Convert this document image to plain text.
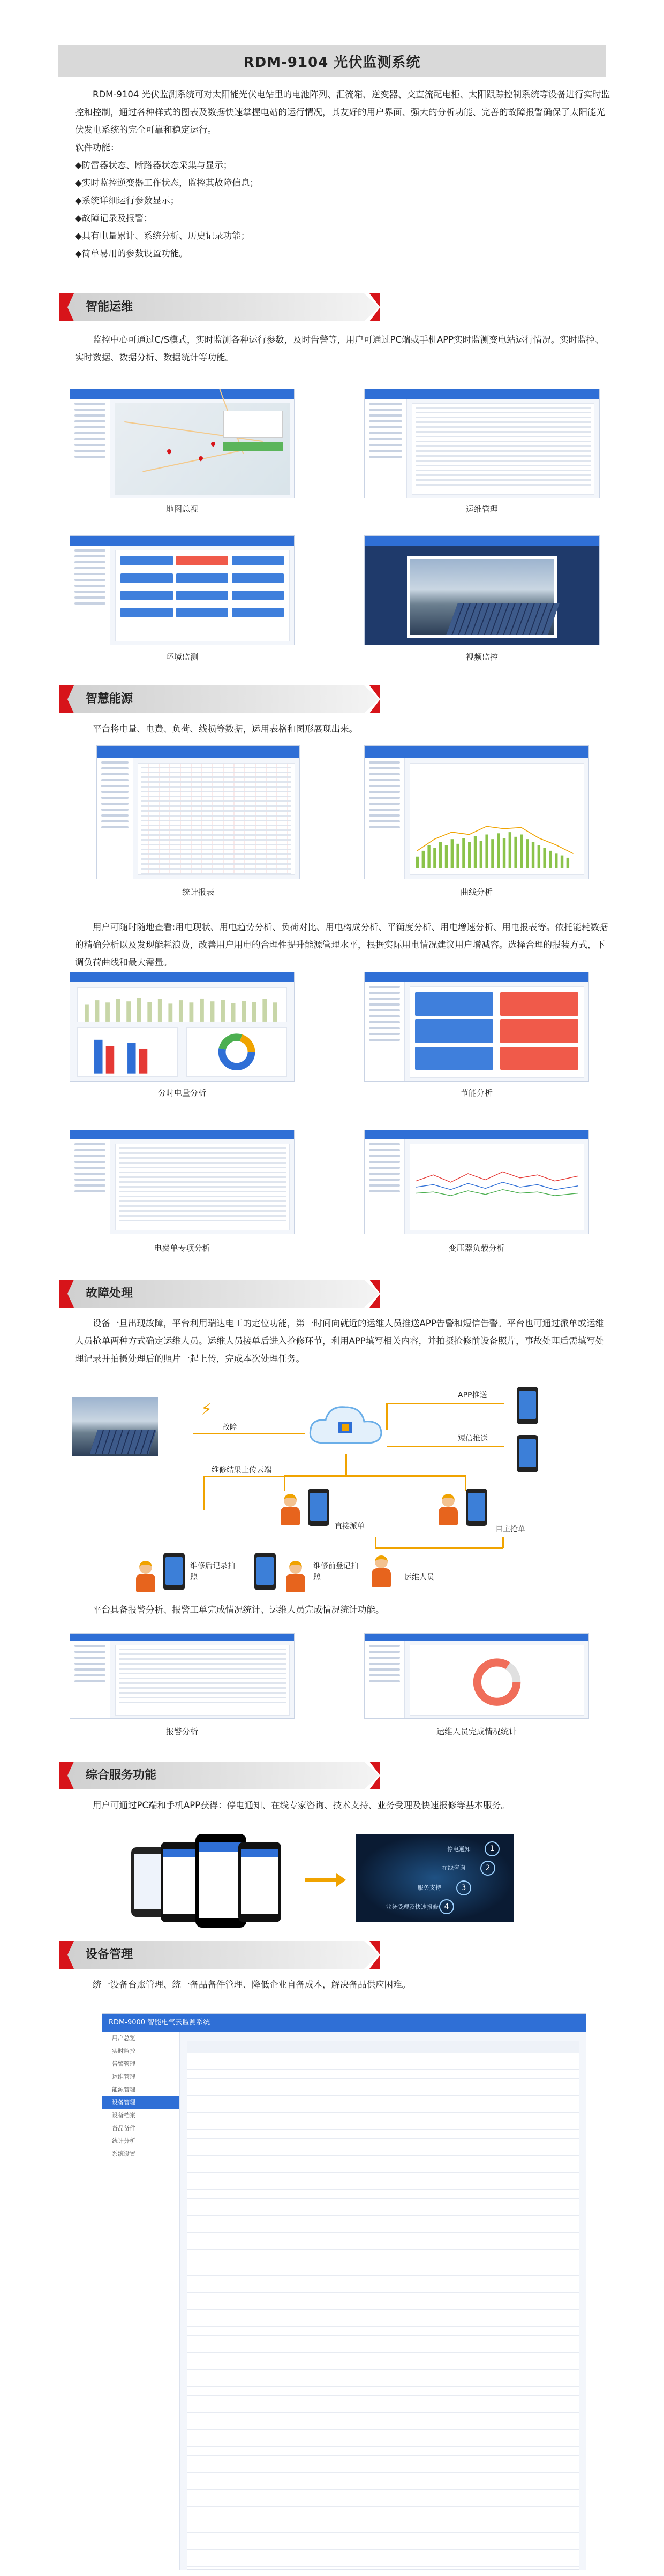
RDM-9104 光伏监测系统

RDM-9104 光伏监测系统可对太阳能光伏电站里的电池阵列、汇流箱、逆变器、交直流配电柜、太阳跟踪控制系统等设备进行实时监控和控制，通过各种样式的图表及数据快速掌握电站的运行情况，其友好的用户界面、强大的分析功能、完善的故障报警确保了太阳能光伏发电系统的完全可靠和稳定运行。

软件功能：

◆防雷器状态、断路器状态采集与显示；

◆实时监控逆变器工作状态，监控其故障信息；

◆系统详细运行参数显示；

◆故障记录及报警；

◆具有电量累计、系统分析、历史记录功能；

◆简单易用的参数设置功能。

智能运维

监控中心可通过C/S模式，实时监测各种运行参数，及时告警等，用户可通过PC端或手机APP实时监测变电站运行情况。实时监控、实时数据、数据分析、数据统计等功能。

地图总视	运维管理
环境监测	视频监控
智慧能源

平台将电量、电费、负荷、线损等数据，运用表格和图形展现出来。

统计报表	曲线分析

用户可随时随地查看:用电现状、用电趋势分析、负荷对比、用电构成分析、平衡度分析、用电增速分析、用电报表等。依托能耗数据的精确分析以及发现能耗浪费，改善用户用电的合理性提升能源管理水平，根据实际用电情况建议用户增减容。选择合理的报装方式，下调负荷曲线和最大需量。

分时电量分析	节能分析
电费单专项分析	变压器负载分析
故障处理

设备一旦出现故障，平台利用瑞达电工的定位功能，第一时间向就近的运维人员推送APP告警和短信告警。平台也可通过派单或运维人员抢单两种方式确定运维人员。运维人员接单后进入抢修环节，利用APP填写相关内容，并拍摄抢修前设备照片，事故处理后需填写处理记录并拍摄处理后的照片一起上传，完成本次处理任务。

⚡
故障
APP推送
短信推送
维修结果上传云端
直接派单	自主抢单
维修后记录拍照
维修前登记拍照	运维人员

平台具备报警分析、报警工单完成情况统计、运维人员完成情况统计功能。

报警分析	运维人员完成情况统计
综合服务功能

用户可通过PC端和手机APP获得：停电通知、在线专家咨询、技术支持、业务受理及快速报修等基本服务。

停电通知	1
在线咨询	2
服务支持	3
业务受理及快速报修 4
设备管理

统一设备台账管理、统一备品备件管理、降低企业自备成本，解决备品供应困难。

RDM-9000 智能电气云监测系统
用户总览
实时监控
告警管理
运维管理
能源管理
设备管理
设备档案
备品备件
统计分析
系统设置
